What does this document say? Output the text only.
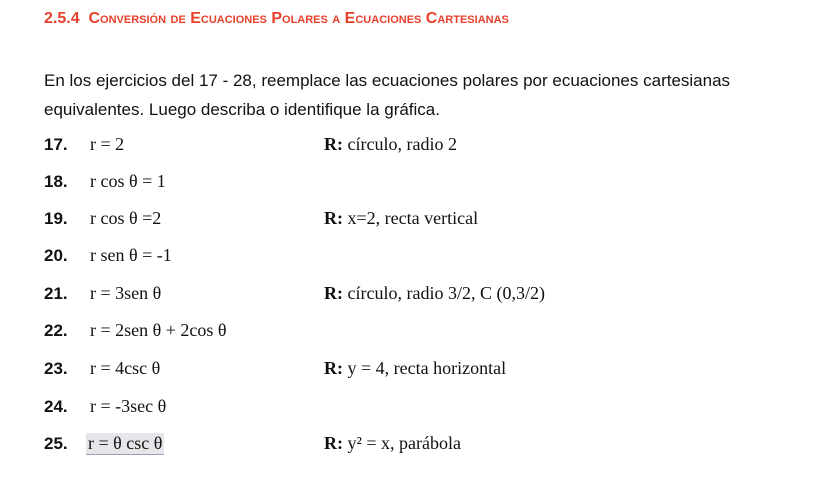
2.5.4 Conversión de Ecuaciones Polares a Ecuaciones Cartesianas
En los ejercicios del 17 - 28, reemplace las ecuaciones polares por ecuaciones cartesianas
equivalentes. Luego describa o identifique la gráfica.
17. r = 2	R: círculo, radio 2
18. r cos θ = 1
19. r cos θ =2	R: x=2, recta vertical
20. r sen θ = -1
21. r = 3sen θ	R: círculo, radio 3/2, C (0,3/2)
22. r = 2sen θ + 2cos θ
23. r = 4csc θ	R: y = 4, recta horizontal
24. r = -3sec θ
25. r = θ csc θ	R: y² = x, parábola
